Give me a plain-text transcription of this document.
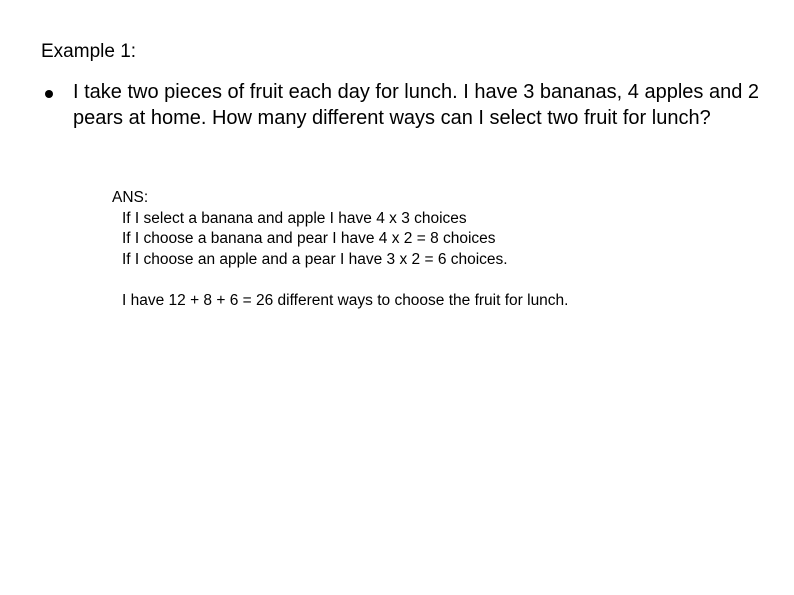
Example 1:
I take two pieces of fruit each day for lunch. I have 3 bananas, 4 apples and 2 pears at home. How many different ways can I select two fruit for lunch?
ANS:
If I select a banana and apple I have 4 x 3 choices
If I choose a banana and pear I have 4 x 2 = 8 choices
If I choose an apple and a pear I have 3 x 2 = 6 choices.
I have 12 + 8 + 6 = 26 different ways to choose the fruit for lunch.
